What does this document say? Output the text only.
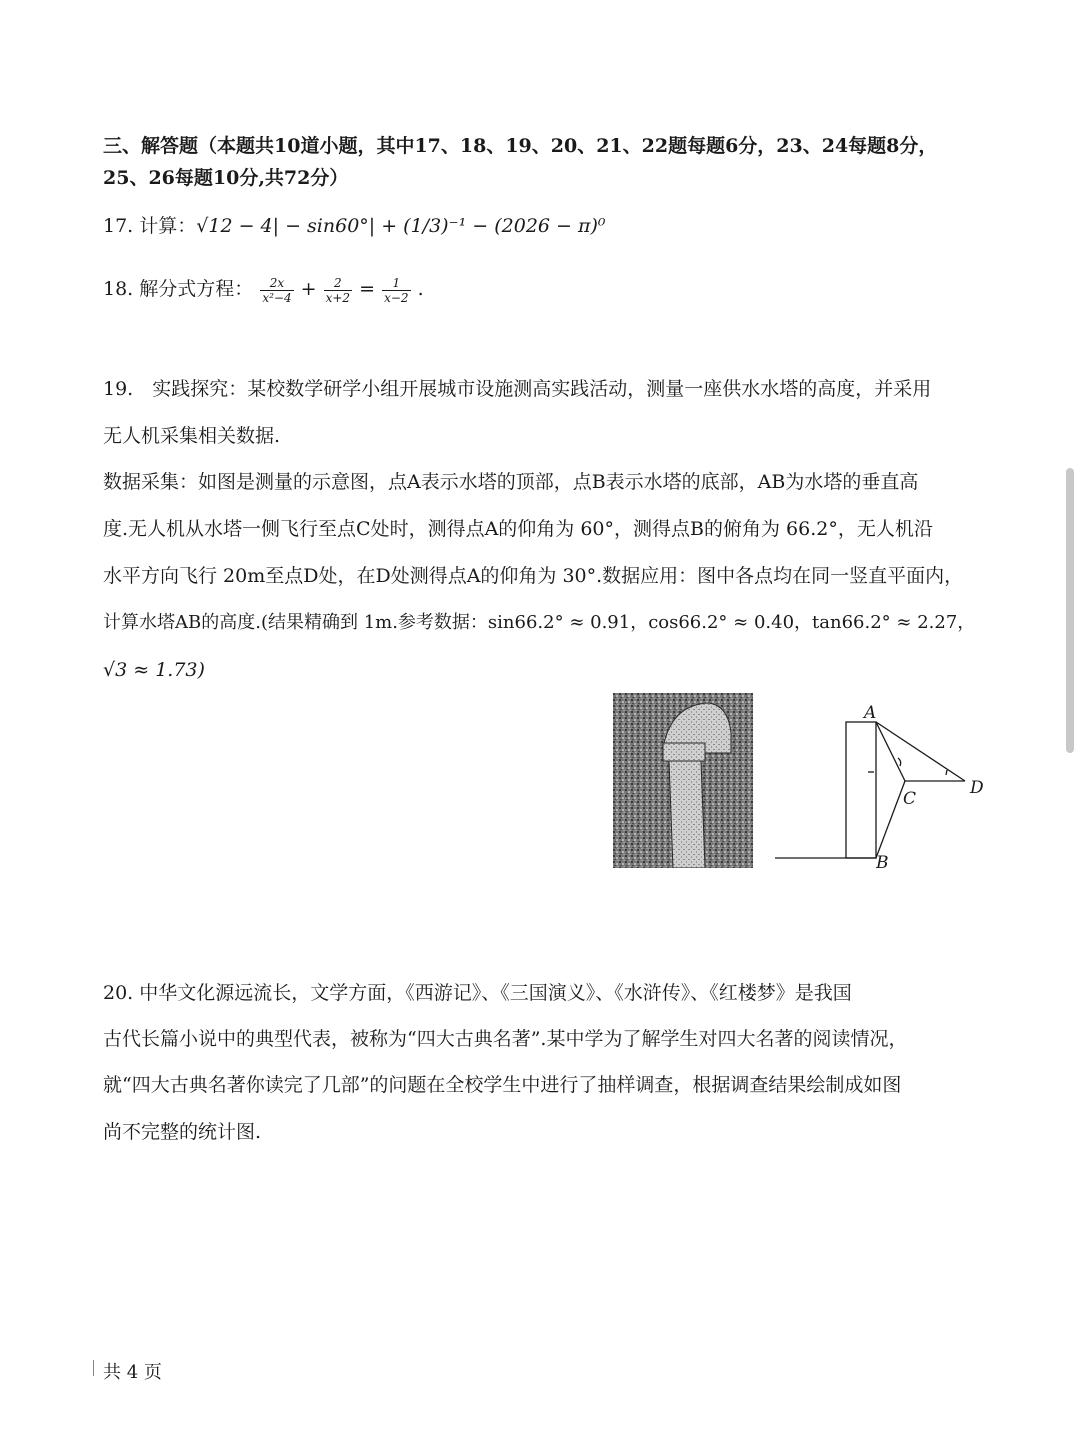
三、解答题（本题共10道小题，其中17、18、19、20、21、22题每题6分，23、24每题8分，
25、26每题10分,共72分）
17. 计算：√12 − 4| − sin60°| + (1/3)⁻¹ − (2026 − π)⁰
18. 解分式方程： $\frac{2x}{\text{x²−4}} + \frac{2}{x+2} = \frac{1}{x-2}$ .
19.　实践探究：某校数学研学小组开展城市设施测高实践活动，测量一座供水水塔的高度，并采用
无人机采集相关数据.
数据采集：如图是测量的示意图，点A表示水塔的顶部，点B表示水塔的底部，AB为水塔的垂直高
度.无人机从水塔一侧飞行至点C处时，测得点A的仰角为 60°，测得点B的俯角为 66.2°，无人机沿
水平方向飞行 20m至点D处，在D处测得点A的仰角为 30°.数据应用：图中各点均在同一竖直平面内，
计算水塔AB的高度.(结果精确到 1m.参考数据：sin66.2° ≈ 0.91，cos66.2° ≈ 0.40，tan66.2° ≈ 2.27，
√3 ≈ 1.73)
A
B
C
D
20. 中华文化源远流长，文学方面，《西游记》、《三国演义》、《水浒传》、《红楼梦》是我国
古代长篇小说中的典型代表，被称为“四大古典名著”.某中学为了解学生对四大名著的阅读情况，
就“四大古典名著你读完了几部”的问题在全校学生中进行了抽样调查，根据调查结果绘制成如图
尚不完整的统计图.
共 4 页
